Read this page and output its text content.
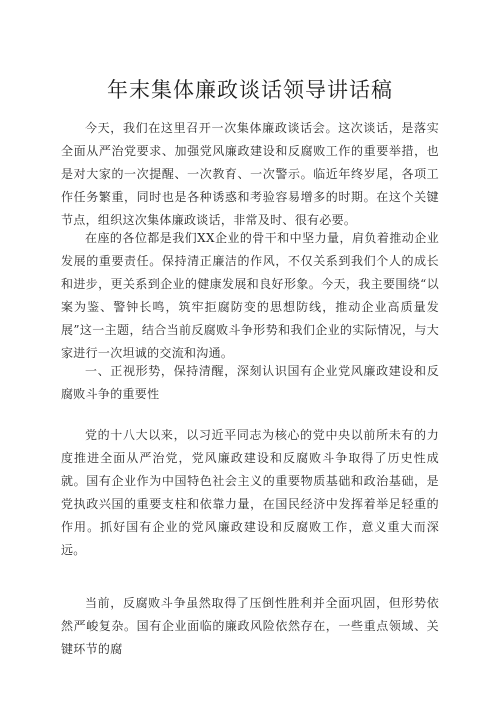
年末集体廉政谈话领导讲话稿

今天，我们在这里召开一次集体廉政谈话会。这次谈话，是落实全面从严治党要求、加强党风廉政建设和反腐败工作的重要举措，也是对大家的一次提醒、一次教育、一次警示。临近年终岁尾，各项工作任务繁重，同时也是各种诱惑和考验容易增多的时期。在这个关键节点，组织这次集体廉政谈话，非常及时、很有必要。

在座的各位都是我们XX企业的骨干和中坚力量，肩负着推动企业发展的重要责任。保持清正廉洁的作风，不仅关系到我们个人的成长和进步，更关系到企业的健康发展和良好形象。今天，我主要围绕“以案为鉴、警钟长鸣，筑牢拒腐防变的思想防线，推动企业高质量发展”这一主题，结合当前反腐败斗争形势和我们企业的实际情况，与大家进行一次坦诚的交流和沟通。

一、正视形势，保持清醒，深刻认识国有企业党风廉政建设和反腐败斗争的重要性

党的十八大以来，以习近平同志为核心的党中央以前所未有的力度推进全面从严治党，党风廉政建设和反腐败斗争取得了历史性成就。国有企业作为中国特色社会主义的重要物质基础和政治基础，是党执政兴国的重要支柱和依靠力量，在国民经济中发挥着举足轻重的作用。抓好国有企业的党风廉政建设和反腐败工作，意义重大而深远。

当前，反腐败斗争虽然取得了压倒性胜利并全面巩固，但形势依然严峻复杂。国有企业面临的廉政风险依然存在，一些重点领域、关键环节的腐
